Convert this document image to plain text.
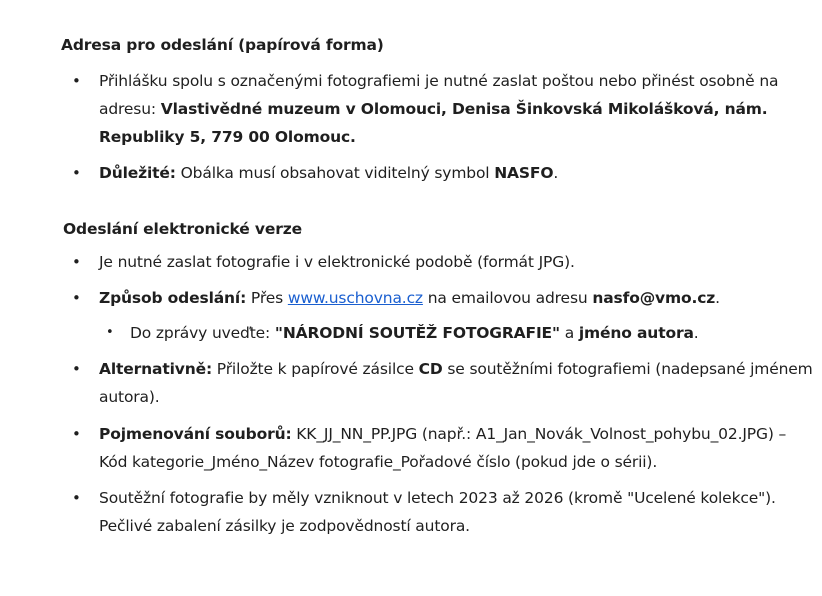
Adresa pro odeslání (papírová forma)
• Přihlášku spolu s označenými fotografiemi je nutné zaslat poštou nebo přinést osobně na
adresu: Vlastivědné muzeum v Olomouci, Denisa Šinkovská Mikolášková, nám.
Republiky 5, 779 00 Olomouc.
• Důležité: Obálka musí obsahovat viditelný symbol NASFO.
Odeslání elektronické verze
• Je nutné zaslat fotografie i v elektronické podobě (formát JPG).
• Způsob odeslání: Přes www.uschovna.cz na emailovou adresu nasfo@vmo.cz.
• Do zprávy uveďte: "NÁRODNÍ SOUTĚŽ FOTOGRAFIE" a jméno autora.
• Alternativně: Přiložte k papírové zásilce CD se soutěžními fotografiemi (nadepsané jménem
autora).
• Pojmenování souborů: KK_JJ_NN_PP.JPG (např.: A1_Jan_Novák_Volnost_pohybu_02.JPG) –
Kód kategorie_Jméno_Název fotografie_Pořadové číslo (pokud jde o sérii).
• Soutěžní fotografie by měly vzniknout v letech 2023 až 2026 (kromě "Ucelené kolekce").
Pečlivé zabalení zásilky je zodpovědností autora.
